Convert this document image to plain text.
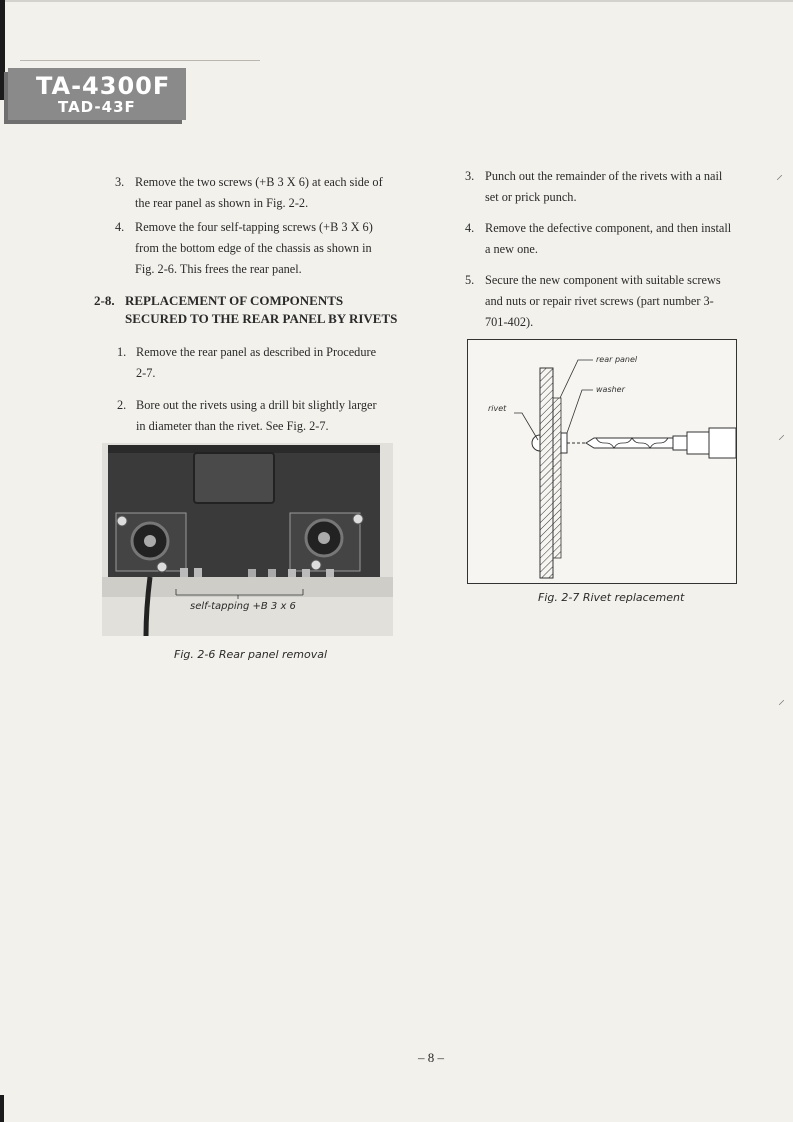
TA-4300F
TAD-43F
3. Remove the two screws (+B 3 X 6) at each side of the rear panel as shown in Fig. 2-2.
4. Remove the four self-tapping screws (+B 3 X 6) from the bottom edge of the chassis as shown in Fig. 2-6. This frees the rear panel.
2-8. REPLACEMENT OF COMPONENTS SECURED TO THE REAR PANEL BY RIVETS
1. Remove the rear panel as described in Procedure 2-7.
2. Bore out the rivets using a drill bit slightly larger in diameter than the rivet. See Fig. 2-7.
self-tapping +B 3 x 6
Fig. 2-6 Rear panel removal
3. Punch out the remainder of the rivets with a nail set or prick punch.
4. Remove the defective component, and then install a new one.
5. Secure the new component with suitable screws and nuts or repair rivet screws (part number 3-701-402).
rear panel
washer
rivet
Fig. 2-7 Rivet replacement
⸝
⸝
⸝
– 8 –
